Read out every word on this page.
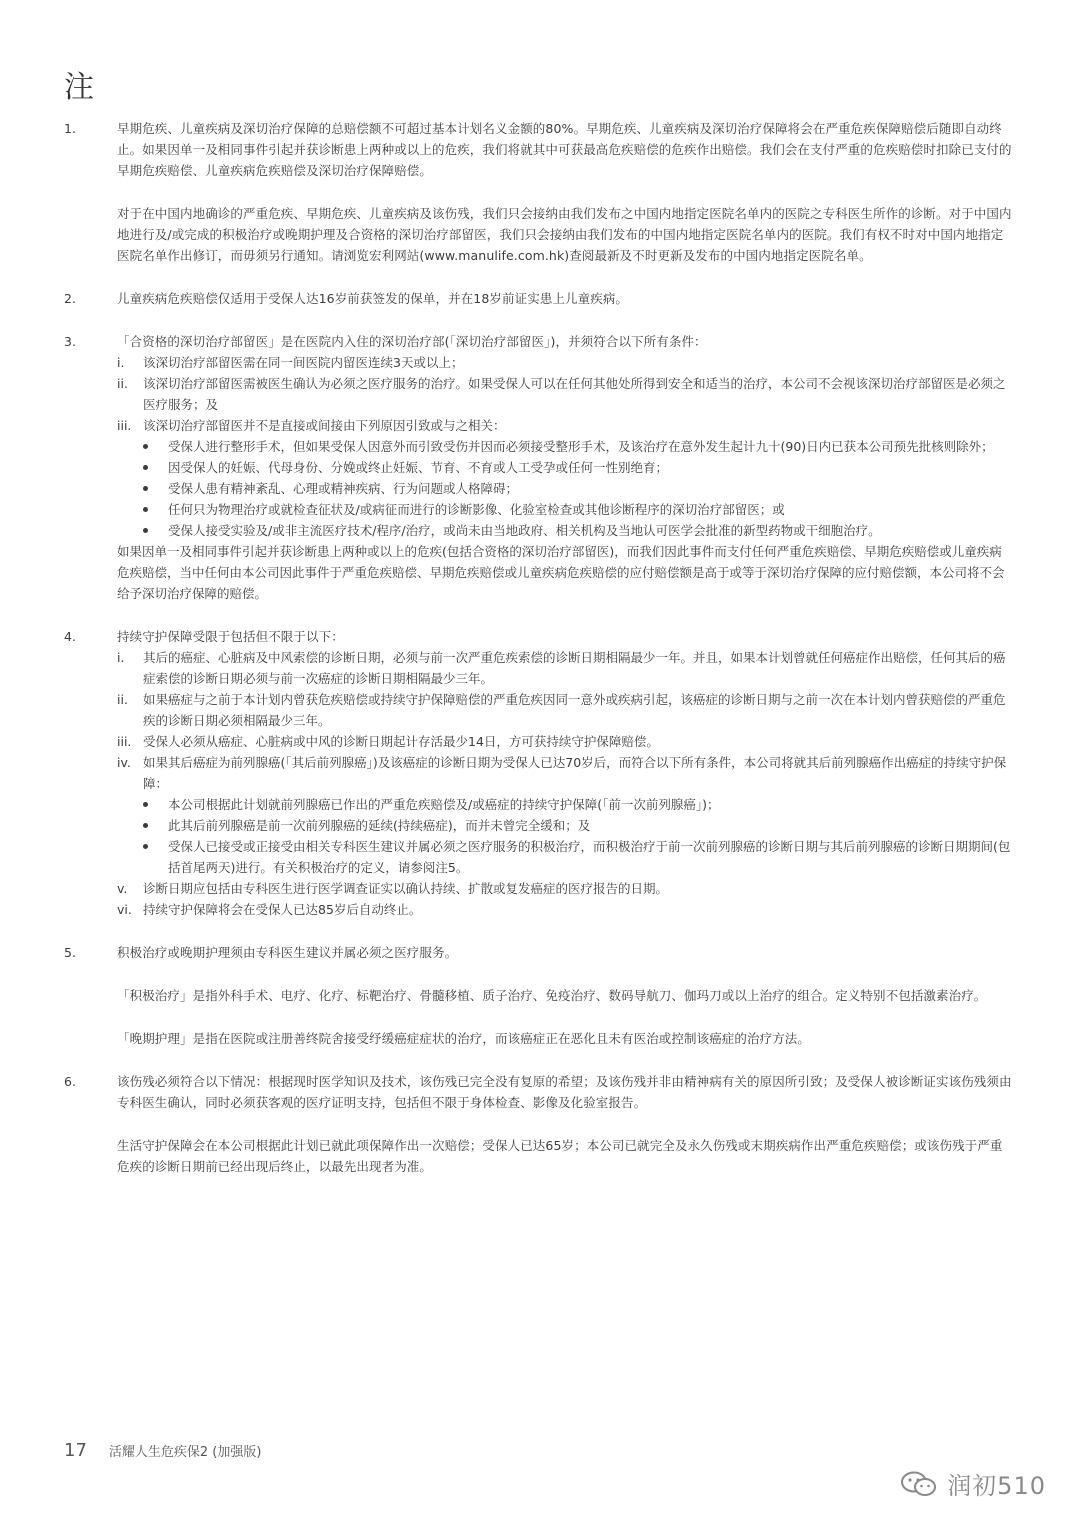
注
1.	早期危疾、儿童疾病及深切治疗保障的总赔偿额不可超过基本计划名义金额的80%。早期危疾、儿童疾病及深切治疗保障将会在严重危疾保障赔偿后随即自动终止。如果因单一及相同事件引起并获诊断患上两种或以上的危疾，我们将就其中可获最高危疾赔偿的危疾作出赔偿。我们会在支付严重的危疾赔偿时扣除已支付的早期危疾赔偿、儿童疾病危疾赔偿及深切治疗保障赔偿。

对于在中国内地确诊的严重危疾、早期危疾、儿童疾病及该伤残，我们只会接纳由我们发布之中国内地指定医院名单内的医院之专科医生所作的诊断。对于中国内地进行及/或完成的积极治疗或晚期护理及合资格的深切治疗部留医，我们只会接纳由我们发布的中国内地指定医院名单内的医院。我们有权不时对中国内地指定医院名单作出修订，而毋须另行通知。请浏览宏利网站(www.manulife.com.hk)查阅最新及不时更新及发布的中国内地指定医院名单。

2.	儿童疾病危疾赔偿仅适用于受保人达16岁前获签发的保单，并在18岁前证实患上儿童疾病。

3.	「合资格的深切治疗部留医」是在医院内入住的深切治疗部(「深切治疗部留医」)，并须符合以下所有条件：

i.	该深切治疗部留医需在同一间医院内留医连续3天或以上；
ii.	该深切治疗部留医需被医生确认为必须之医疗服务的治疗。如果受保人可以在任何其他处所得到安全和适当的治疗，本公司不会视该深切治疗部留医是必须之医疗服务；及
iii. 该深切治疗部留医并不是直接或间接由下列原因引致或与之相关：
受保人进行整形手术，但如果受保人因意外而引致受伤并因而必须接受整形手术，及该治疗在意外发生起计九十(90)日内已获本公司预先批核则除外；
因受保人的妊娠、代母身份、分娩或终止妊娠、节育、不育或人工受孕或任何一性别绝育；
受保人患有精神紊乱、心理或精神疾病、行为问题或人格障碍；
任何只为物理治疗或就检查征状及/或病征而进行的诊断影像、化验室检查或其他诊断程序的深切治疗部留医；或
受保人接受实验及/或非主流医疗技术/程序/治疗，或尚未由当地政府、相关机构及当地认可医学会批准的新型药物或干细胞治疗。

如果因单一及相同事件引起并获诊断患上两种或以上的危疾(包括合资格的深切治疗部留医)，而我们因此事件而支付任何严重危疾赔偿、早期危疾赔偿或儿童疾病危疾赔偿，当中任何由本公司因此事件于严重危疾赔偿、早期危疾赔偿或儿童疾病危疾赔偿的应付赔偿额是高于或等于深切治疗保障的应付赔偿额，本公司将不会给予深切治疗保障的赔偿。

4.	持续守护保障受限于包括但不限于以下：

i.	其后的癌症、心脏病及中风索偿的诊断日期，必须与前一次严重危疾索偿的诊断日期相隔最少一年。并且，如果本计划曾就任何癌症作出赔偿，任何其后的癌症索偿的诊断日期必须与前一次癌症的诊断日期相隔最少三年。
ii.	如果癌症与之前于本计划内曾获危疾赔偿或持续守护保障赔偿的严重危疾因同一意外或疾病引起，该癌症的诊断日期与之前一次在本计划内曾获赔偿的严重危疾的诊断日期必须相隔最少三年。
iii. 受保人必须从癌症、心脏病或中风的诊断日期起计存活最少14日，方可获持续守护保障赔偿。
iv. 如果其后癌症为前列腺癌(「其后前列腺癌」)及该癌症的诊断日期为受保人已达70岁后，而符合以下所有条件，本公司将就其后前列腺癌作出癌症的持续守护保障：
本公司根据此计划就前列腺癌已作出的严重危疾赔偿及/或癌症的持续守护保障(「前一次前列腺癌」)；
此其后前列腺癌是前一次前列腺癌的延续(持续癌症)，而并未曾完全缓和；及
受保人已接受或正接受由相关专科医生建议并属必须之医疗服务的积极治疗，而积极治疗于前一次前列腺癌的诊断日期与其后前列腺癌的诊断日期期间(包括首尾两天)进行。有关积极治疗的定义，请参阅注5。
v.	诊断日期应包括由专科医生进行医学调查证实以确认持续、扩散或复发癌症的医疗报告的日期。
vi. 持续守护保障将会在受保人已达85岁后自动终止。
5.	积极治疗或晚期护理须由专科医生建议并属必须之医疗服务。

「积极治疗」是指外科手术、电疗、化疗、标靶治疗、骨髓移植、质子治疗、免疫治疗、数码导航刀、伽玛刀或以上治疗的组合。定义特别不包括激素治疗。

「晚期护理」是指在医院或注册善终院舍接受纾缓癌症症状的治疗，而该癌症正在恶化且未有医治或控制该癌症的治疗方法。

6.	该伤残必须符合以下情况：根据现时医学知识及技术，该伤残已完全没有复原的希望；及该伤残并非由精神病有关的原因所引致；及受保人被诊断证实该伤残须由专科医生确认，同时必须获客观的医疗证明支持，包括但不限于身体检查、影像及化验室报告。

生活守护保障会在本公司根据此计划已就此项保障作出一次赔偿；受保人已达65岁；本公司已就完全及永久伤残或末期疾病作出严重危疾赔偿；或该伤残于严重危疾的诊断日期前已经出现后终止，以最先出现者为准。

17 活耀人生危疾保2 (加强版)
润初510
